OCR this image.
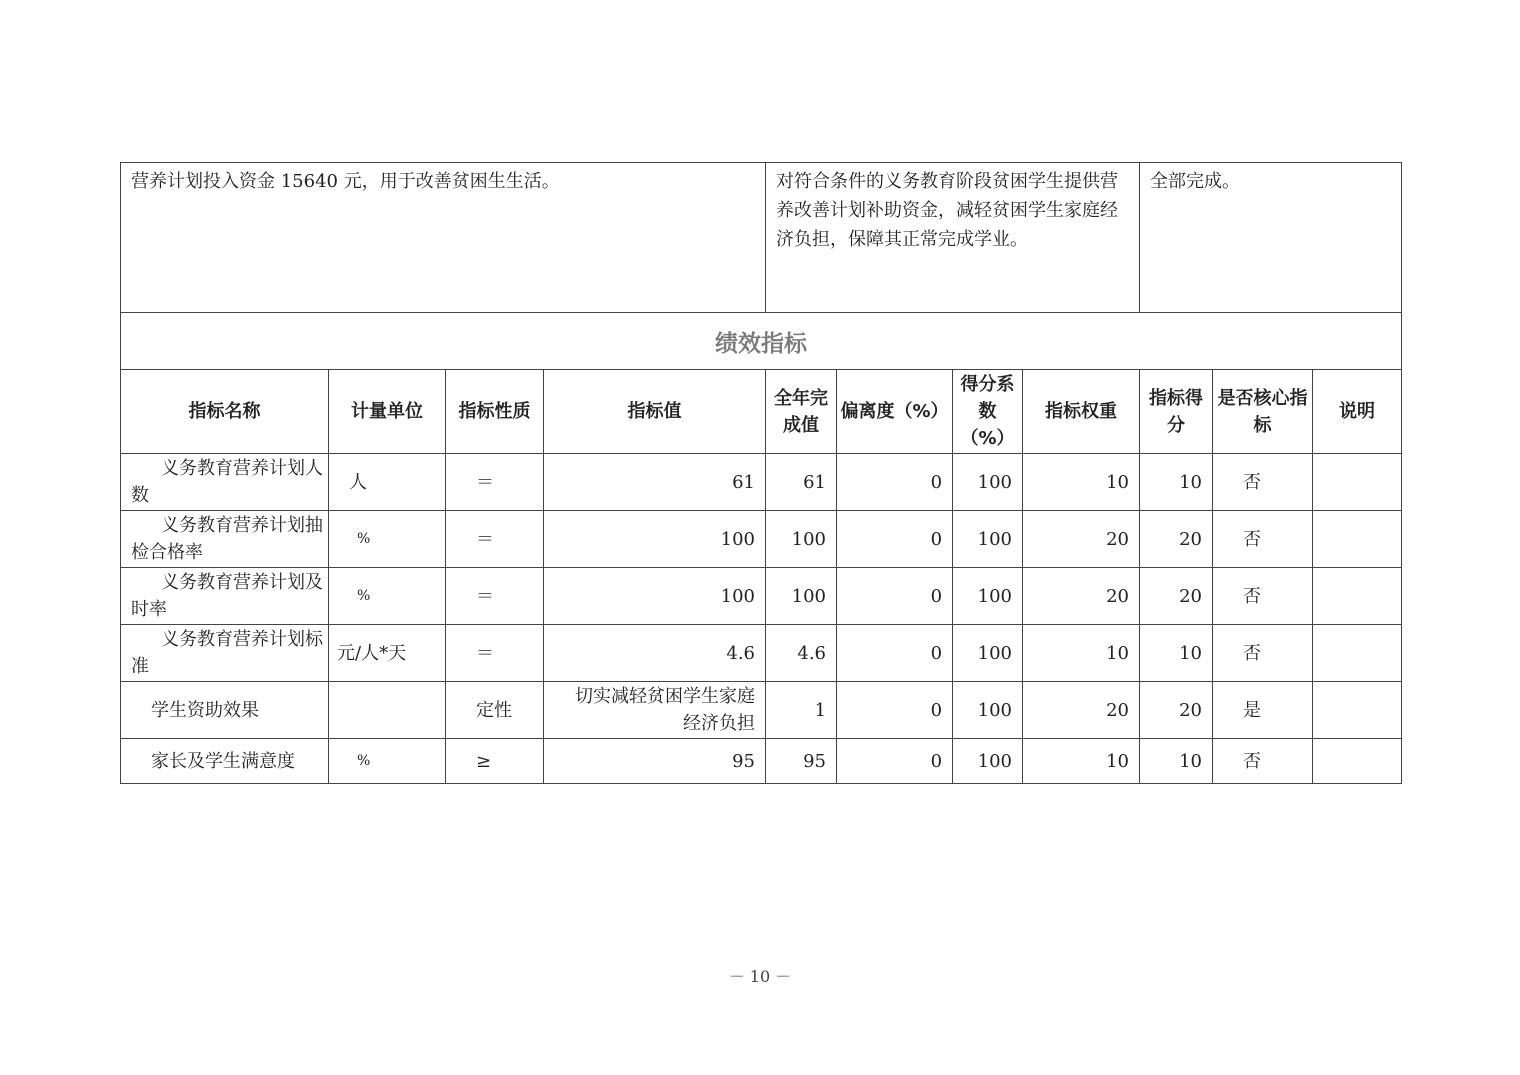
营养计划投入资金 15640 元，用于改善贫困生生活。				对符合条件的义务教育阶段贫困学生提供营养改善计划补助资金，减轻贫困学生家庭经济负担，保障其正常完成学业。				全部完成。		
绩效指标										
指标名称	计量单位	指标性质	指标值	全年完成值	偏离度（%）	得分系数（%）	指标权重	指标得分	是否核心指标	说明
义务教育营养计划人数	人	＝	61	61	0	100	10	10	否	
义务教育营养计划抽检合格率	%	＝	100	100	0	100	20	20	否	
义务教育营养计划及时率	%	＝	100	100	0	100	20	20	否	
义务教育营养计划标准	元/人*天	＝	4.6	4.6	0	100	10	10	否	
学生资助效果		定性	切实减轻贫困学生家庭经济负担	1	0	100	20	20	是	
家长及学生满意度	%	≥	95	95	0	100	10	10	否	
－ 10 －
